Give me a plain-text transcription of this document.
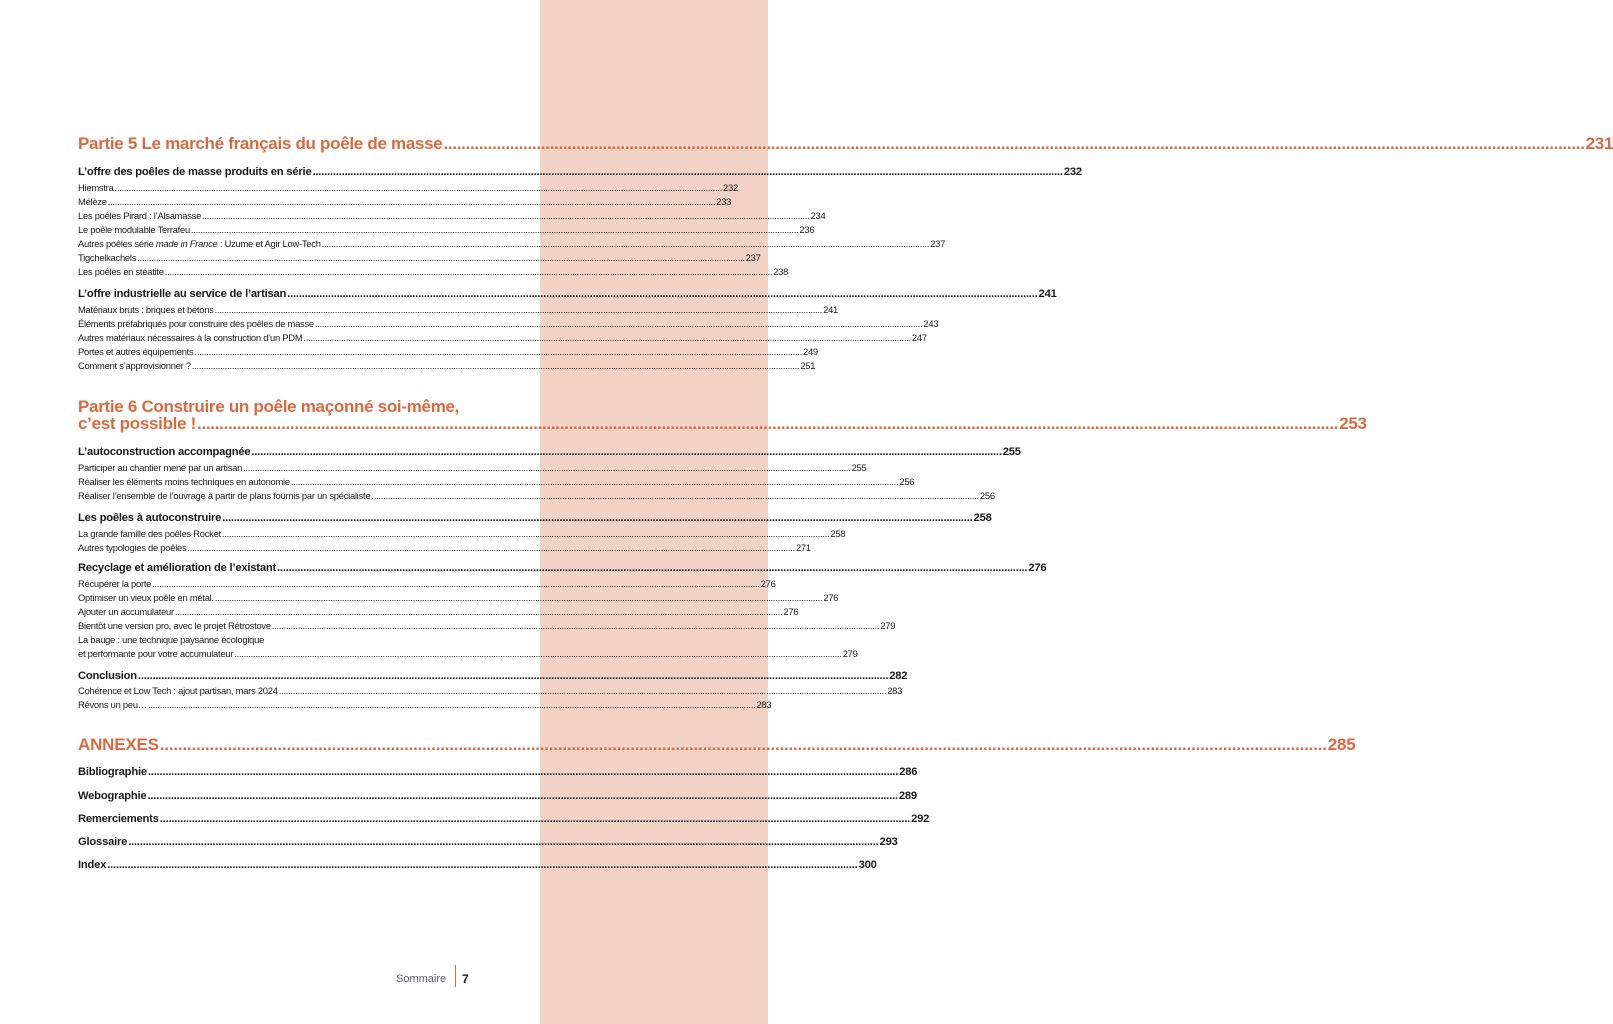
Partie 5 Le marché français du poêle de masse .....	231
L’offre des poêles de masse produits en série .....	232
Hiemstra .....	232
Mélèze .....	233
Les poêles Pirard : l’Alsamasse .....	234
Le poêle modulable Terrafeu .....	236
Autres poêles série made in France : Uzume et Agir Low-Tech .....	237
Tigchelkachels .....	237
Les poêles en stéatite .....	238
L’offre industrielle au service de l’artisan .....	241
Matériaux bruts : briques et bétons .....	241
Éléments préfabriqués pour construire des poêles de masse .....	243
Autres matériaux nécessaires à la construction d’un PDM .....	247
Portes et autres équipements .....	249
Comment s’approvisionner ? .....	251
Partie 6 Construire un poêle maçonné soi-même,
c’est possible ! .....	253
L’autoconstruction accompagnée .....	255
Participer au chantier mené par un artisan .....	255
Réaliser les éléments moins techniques en autonomie .....	256
Réaliser l’ensemble de l’ouvrage à partir de plans fournis par un spécialiste .....	256
Les poêles à autoconstruire .....	258
La grande famille des poêles Rocket .....	258
Autres typologies de poêles .....	271
Recyclage et amélioration de l’existant .....	276
Récupérer la porte .....	276
Optimiser un vieux poêle en métal. .....	276
Ajouter un accumulateur .....	276
Bientôt une version pro, avec le projet Rétrostove .....	279
La bauge : une technique paysanne écologique
et performante pour votre accumulateur .....	279
Conclusion .....	282
Cohérence et Low Tech : ajout partisan, mars 2024 .....	283
Rêvons un peu… .....	283
ANNEXES .....	285
Bibliographie .....	286
Webographie .....	289
Remerciements .....	292
Glossaire .....	293
Index .....	300
Sommaire 7
